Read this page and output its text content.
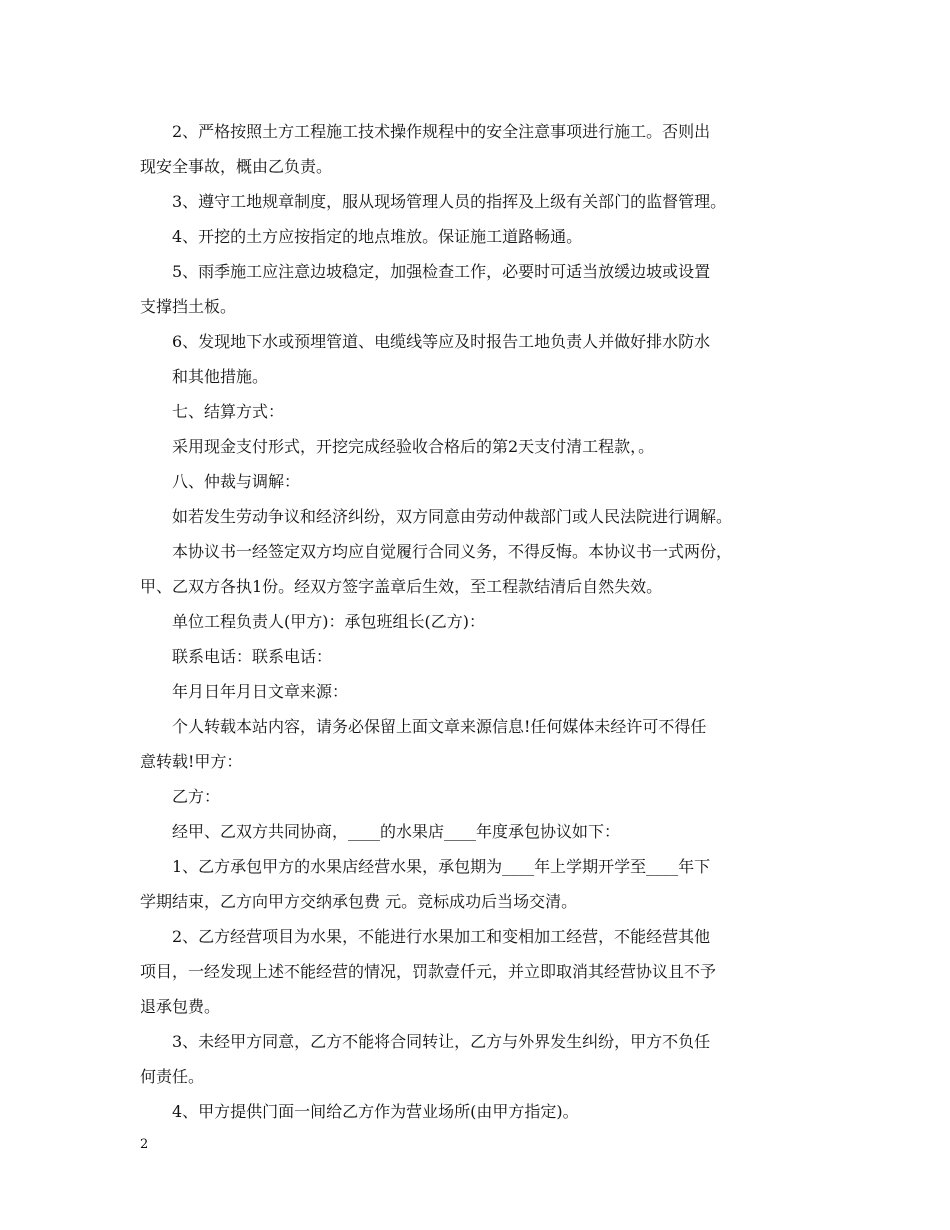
2、严格按照土方工程施工技术操作规程中的安全注意事项进行施工。否则出
现安全事故，概由乙负责。

3、遵守工地规章制度，服从现场管理人员的指挥及上级有关部门的监督管理。

4、开挖的土方应按指定的地点堆放。保证施工道路畅通。

5、雨季施工应注意边坡稳定，加强检查工作，必要时可适当放缓边坡或设置
支撑挡土板。

6、发现地下水或预埋管道、电缆线等应及时报告工地负责人并做好排水防水
和其他措施。

七、结算方式：

采用现金支付形式，开挖完成经验收合格后的第2天支付清工程款，。

八、仲裁与调解：

如若发生劳动争议和经济纠纷，双方同意由劳动仲裁部门或人民法院进行调解。

本协议书一经签定双方均应自觉履行合同义务，不得反悔。本协议书一式两份，
甲、乙双方各执1份。经双方签字盖章后生效，至工程款结清后自然失效。

单位工程负责人(甲方)：承包班组长(乙方)：

联系电话：联系电话：

年月日年月日文章来源：

个人转载本站内容，请务必保留上面文章来源信息!任何媒体未经许可不得任
意转载!甲方：

乙方：

经甲、乙双方共同协商，____的水果店____年度承包协议如下：

1、乙方承包甲方的水果店经营水果，承包期为____年上学期开学至____年下
学期结束，乙方向甲方交纳承包费 元。竞标成功后当场交清。

2、乙方经营项目为水果，不能进行水果加工和变相加工经营，不能经营其他
项目，一经发现上述不能经营的情况，罚款壹仟元，并立即取消其经营协议且不予
退承包费。

3、未经甲方同意，乙方不能将合同转让，乙方与外界发生纠纷，甲方不负任
何责任。

4、甲方提供门面一间给乙方作为营业场所(由甲方指定)。

2
